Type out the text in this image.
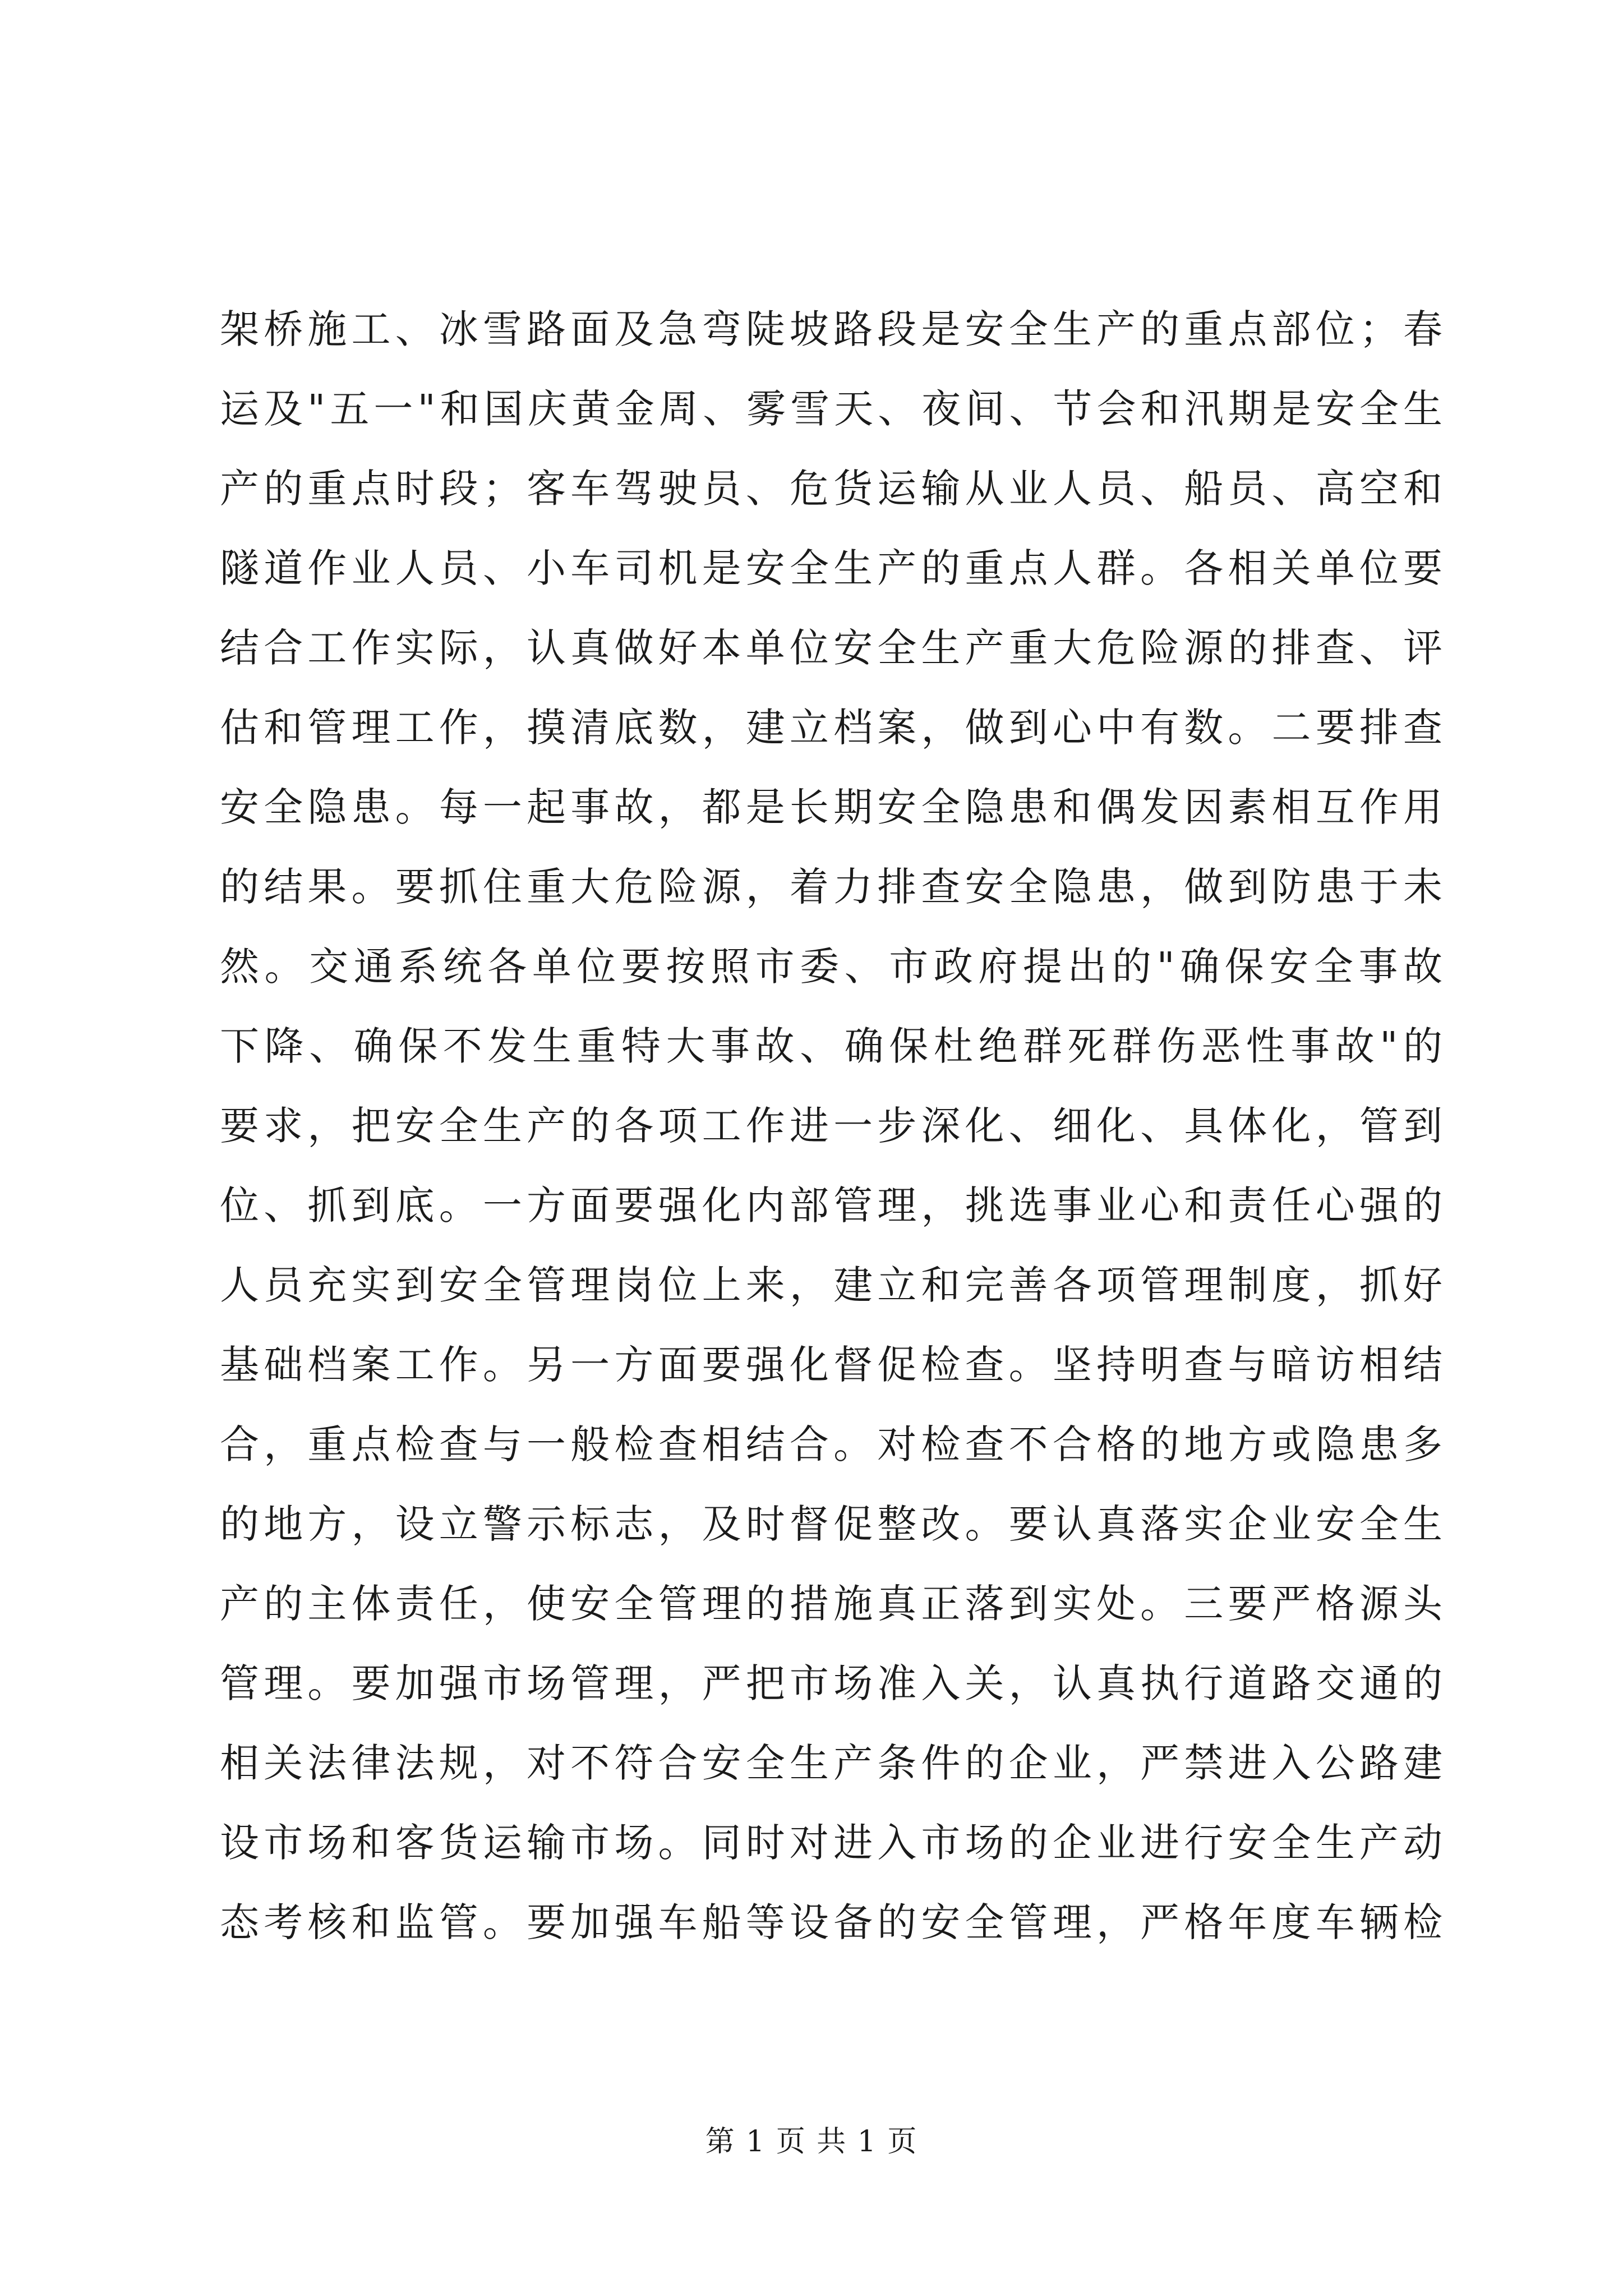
架桥施工、冰雪路面及急弯陡坡路段是安全生产的重点部位；春
运及"五一"和国庆黄金周、雾雪天、夜间、节会和汛期是安全生
产的重点时段；客车驾驶员、危货运输从业人员、船员、高空和
隧道作业人员、小车司机是安全生产的重点人群。各相关单位要
结合工作实际，认真做好本单位安全生产重大危险源的排查、评
估和管理工作，摸清底数，建立档案，做到心中有数。二要排查
安全隐患。每一起事故，都是长期安全隐患和偶发因素相互作用
的结果。要抓住重大危险源，着力排查安全隐患，做到防患于未
然。交通系统各单位要按照市委、市政府提出的"确保安全事故
下降、确保不发生重特大事故、确保杜绝群死群伤恶性事故"的
要求，把安全生产的各项工作进一步深化、细化、具体化，管到
位、抓到底。一方面要强化内部管理，挑选事业心和责任心强的
人员充实到安全管理岗位上来，建立和完善各项管理制度，抓好
基础档案工作。另一方面要强化督促检查。坚持明查与暗访相结
合，重点检查与一般检查相结合。对检查不合格的地方或隐患多
的地方，设立警示标志，及时督促整改。要认真落实企业安全生
产的主体责任，使安全管理的措施真正落到实处。三要严格源头
管理。要加强市场管理，严把市场准入关，认真执行道路交通的
相关法律法规，对不符合安全生产条件的企业，严禁进入公路建
设市场和客货运输市场。同时对进入市场的企业进行安全生产动
态考核和监管。要加强车船等设备的安全管理，严格年度车辆检
第 1 页 共 1 页
